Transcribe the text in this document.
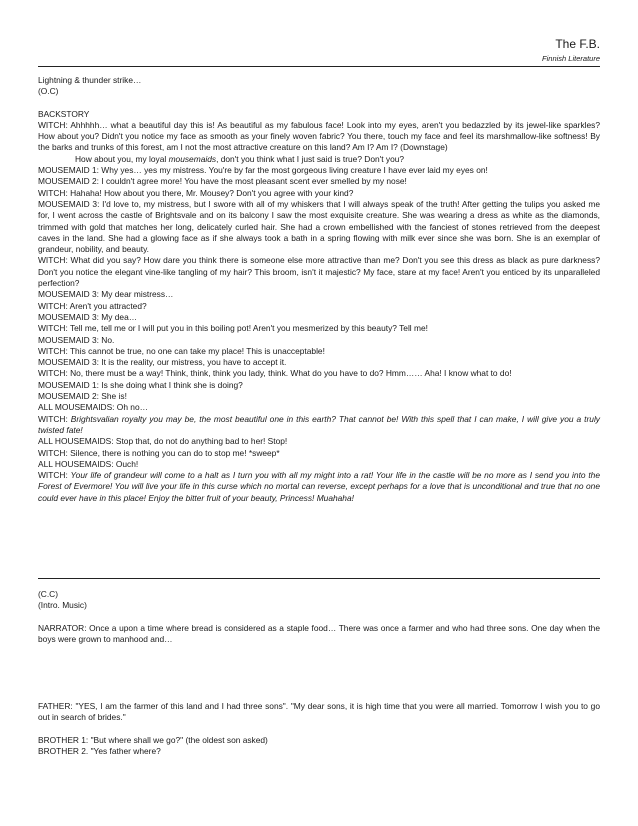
The F.B.
Finnish Literature

Lightning & thunder strike…

(O.C)

BACKSTORY

WITCH: Ahhhhh… what a beautiful day this is! As beautiful as my fabulous face! Look into my eyes, aren't you bedazzled by its jewel-like sparkles? How about you? Didn't you notice my face as smooth as your finely woven fabric? You there, touch my face and feel its marshmallow-like softness! By the barks and trunks of this forest, am I not the most attractive creature on this land? Am I? Am I? (Downstage)

How about you, my loyal mousemaids, don't you think what I just said is true? Don't you?

MOUSEMAID 1: Why yes… yes my mistress. You're by far the most gorgeous living creature I have ever laid my eyes on!

MOUSEMAID 2: I couldn't agree more! You have the most pleasant scent ever smelled by my nose!

WITCH: Hahaha! How about you there, Mr. Mousey? Don't you agree with your kind?

MOUSEMAID 3: I'd love to, my mistress, but I swore with all of my whiskers that I will always speak of the truth! After getting the tulips you asked me for, I went across the castle of Brightsvale and on its balcony I saw the most exquisite creature. She was wearing a dress as white as the diamonds, trimmed with gold that matches her long, delicately curled hair. She had a crown embellished with the fanciest of stones retrieved from the deepest caves in the land. She had a glowing face as if she always took a bath in a spring flowing with milk ever since she was born. She is an exemplar of grandeur, nobility, and beauty.

WITCH: What did you say? How dare you think there is someone else more attractive than me? Don't you see this dress as black as pure darkness? Don't you notice the elegant vine-like tangling of my hair? This broom, isn't it majestic? My face, stare at my face! Aren't you enticed by its unparalleled perfection?

MOUSEMAID 3: My dear mistress…

WITCH: Aren't you attracted?

MOUSEMAID 3: My dea…

WITCH: Tell me, tell me or I will put you in this boiling pot! Aren't you mesmerized by this beauty? Tell me!

MOUSEMAID 3: No.

WITCH: This cannot be true, no one can take my place! This is unacceptable!

MOUSEMAID 3: It is the reality, our mistress, you have to accept it.

WITCH: No, there must be a way! Think, think, think you lady, think. What do you have to do? Hmm…… Aha! I know what to do!

MOUSEMAID 1: Is she doing what I think she is doing?

MOUSEMAID 2: She is!

ALL MOUSEMAIDS: Oh no…

WITCH: Brightsvalian royalty you may be, the most beautiful one in this earth? That cannot be! With this spell that I can make, I will give you a truly twisted fate!

ALL HOUSEMAIDS: Stop that, do not do anything bad to her! Stop!

WITCH: Silence, there is nothing you can do to stop me! *sweep*

ALL HOUSEMAIDS: Ouch!

WITCH: Your life of grandeur will come to a halt as I turn you with all my might into a rat! Your life in the castle will be no more as I send you into the Forest of Evermore! You will live your life in this curse which no mortal can reverse, except perhaps for a love that is unconditional and true that no one could ever have in this place! Enjoy the bitter fruit of your beauty, Princess! Muahaha!

(C.C)

(Intro. Music)

NARRATOR: Once a upon a time where bread is considered as a staple food… There was once a farmer and who had three sons. One day when the boys were grown to manhood and…

FATHER: "YES, I am the farmer of this land and I had three sons". "My dear sons, it is high time that you were all married. Tomorrow I wish you to go out in search of brides."

BROTHER 1: "But where shall we go?" (the oldest son asked)

BROTHER 2. "Yes father where?
